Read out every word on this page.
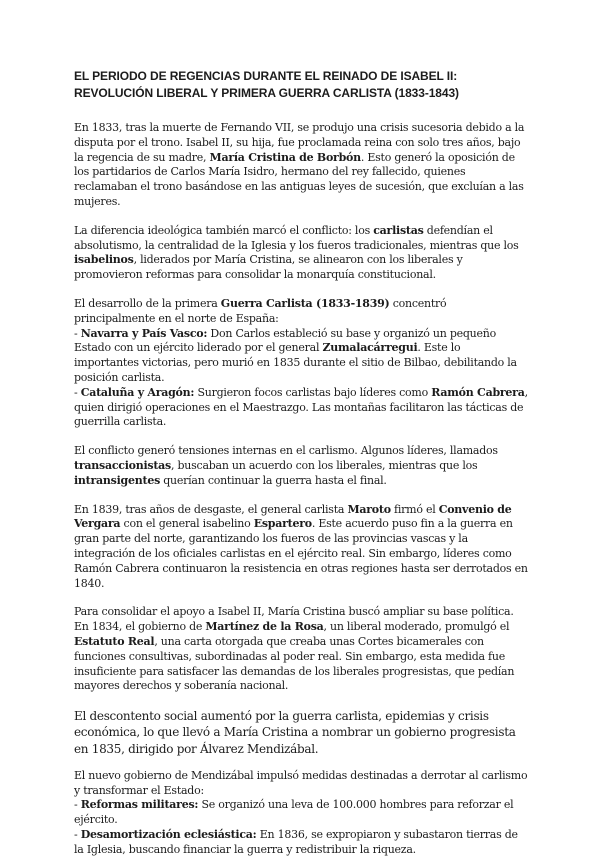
EL PERIODO DE REGENCIAS DURANTE EL REINADO DE ISABEL II:
REVOLUCIÓN LIBERAL Y PRIMERA GUERRA CARLISTA (1833-1843)

En 1833, tras la muerte de Fernando VII, se produjo una crisis sucesoria debido a la disputa por el trono. Isabel II, su hija, fue proclamada reina con solo tres años, bajo la regencia de su madre, María Cristina de Borbón. Esto generó la oposición de los partidarios de Carlos María Isidro, hermano del rey fallecido, quienes reclamaban el trono basándose en las antiguas leyes de sucesión, que excluían a las mujeres.

La diferencia ideológica también marcó el conflicto: los carlistas defendían el absolutismo, la centralidad de la Iglesia y los fueros tradicionales, mientras que los isabelinos, liderados por María Cristina, se alinearon con los liberales y promovieron reformas para consolidar la monarquía constitucional.

El desarrollo de la primera Guerra Carlista (1833-1839) concentró principalmente en el norte de España:
- Navarra y País Vasco: Don Carlos estableció su base y organizó un pequeño Estado con un ejército liderado por el general Zumalacárregui. Este lo importantes victorias, pero murió en 1835 durante el sitio de Bilbao, debilitando la posición carlista.
- Cataluña y Aragón: Surgieron focos carlistas bajo líderes como Ramón Cabrera, quien dirigió operaciones en el Maestrazgo. Las montañas facilitaron las tácticas de guerrilla carlista.

El conflicto generó tensiones internas en el carlismo. Algunos líderes, llamados transaccionistas, buscaban un acuerdo con los liberales, mientras que los intransigentes querían continuar la guerra hasta el final.

En 1839, tras años de desgaste, el general carlista Maroto firmó el Convenio de Vergara con el general isabelino Espartero. Este acuerdo puso fin a la guerra en gran parte del norte, garantizando los fueros de las provincias vascas y la integración de los oficiales carlistas en el ejército real. Sin embargo, líderes como Ramón Cabrera continuaron la resistencia en otras regiones hasta ser derrotados en 1840.

Para consolidar el apoyo a Isabel II, María Cristina buscó ampliar su base política. En 1834, el gobierno de Martínez de la Rosa, un liberal moderado, promulgó el Estatuto Real, una carta otorgada que creaba unas Cortes bicamerales con funciones consultivas, subordinadas al poder real. Sin embargo, esta medida fue insuficiente para satisfacer las demandas de los liberales progresistas, que pedían mayores derechos y soberanía nacional.

El descontento social aumentó por la guerra carlista, epidemias y crisis económica, lo que llevó a María Cristina a nombrar un gobierno progresista en 1835, dirigido por Álvarez Mendizábal.

El nuevo gobierno de Mendizábal impulsó medidas destinadas a derrotar al carlismo y transformar el Estado:
- Reformas militares: Se organizó una leva de 100.000 hombres para reforzar el ejército.
- Desamortización eclesiástica: En 1836, se expropiaron y subastaron tierras de la Iglesia, buscando financiar la guerra y redistribuir la riqueza.
